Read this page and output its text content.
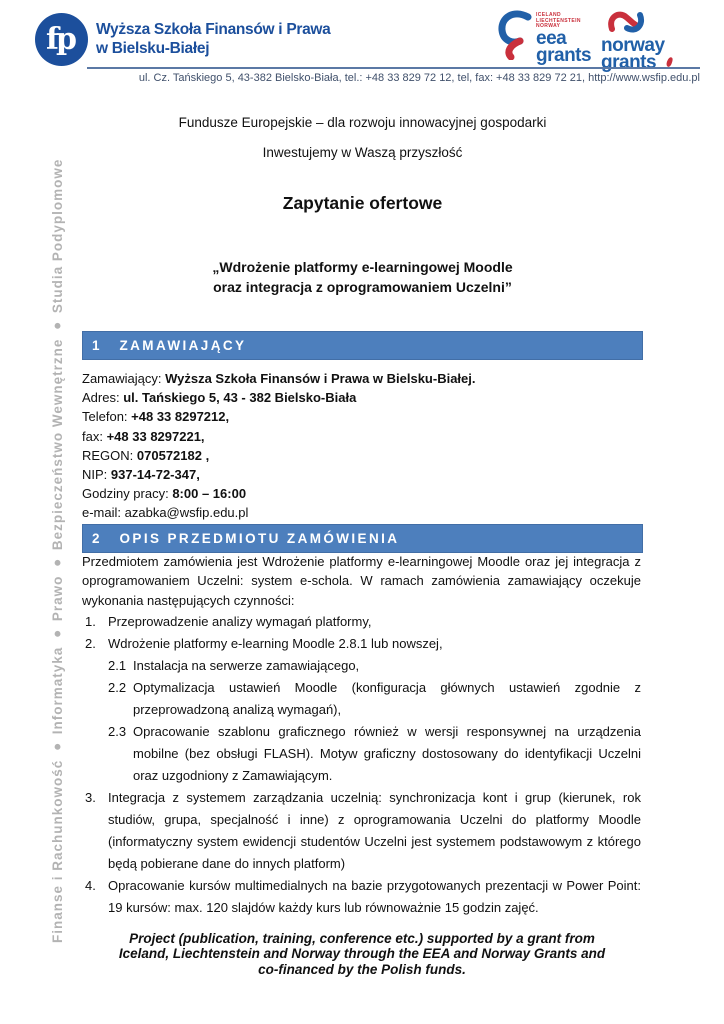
fp Wyższa Szkoła Finansów i Prawa
w Bielsku-Białej
ICELAND
LIECHTENSTEIN
NORWAY
eea
grants norway
grants
ul. Cz. Tańskiego 5, 43-382 Bielsko-Biała, tel.: +48 33 829 72 12, tel, fax: +48 33 829 72 21, http://www.wsfip.edu.pl
Finanse i Rachunkowość ● Informatyka ● Prawo ● Bezpieczeństwo Wewnętrzne ● Studia Podyplomowe
Fundusze Europejskie – dla rozwoju innowacyjnej gospodarki
Inwestujemy w Waszą przyszłość
Zapytanie ofertowe
„Wdrożenie platformy e-learningowej Moodle
oraz integracja z oprogramowaniem Uczelni”
1 ZAMAWIAJĄCY
Zamawiający: Wyższa Szkoła Finansów i Prawa w Bielsku-Białej.
Adres: ul. Tańskiego 5, 43 - 382 Bielsko-Biała
Telefon: +48 33 8297212,
fax: +48 33 8297221,
REGON: 070572182 ,
NIP: 937-14-72-347,
Godziny pracy: 8:00 – 16:00
e-mail: azabka@wsfip.edu.pl
2 OPIS PRZEDMIOTU ZAMÓWIENIA
Przedmiotem zamówienia jest Wdrożenie platformy e-learningowej Moodle oraz jej integracja z oprogramowaniem Uczelni: system e-schola. W ramach zamówienia zamawiający oczekuje wykonania następujących czynności:
1. Przeprowadzenie analizy wymagań platformy,
2. Wdrożenie platformy e-learning Moodle 2.8.1 lub nowszej,
2.1 Instalacja na serwerze zamawiającego,
2.2 Optymalizacja ustawień Moodle (konfiguracja głównych ustawień zgodnie z przeprowadzoną analizą wymagań),
2.3 Opracowanie szablonu graficznego również w wersji responsywnej na urządzenia mobilne (bez obsługi FLASH). Motyw graficzny dostosowany do identyfikacji Uczelni oraz uzgodniony z Zamawiającym.
3. Integracja z systemem zarządzania uczelnią: synchronizacja kont i grup (kierunek, rok studiów, grupa, specjalność i inne) z oprogramowania Uczelni do platformy Moodle (informatyczny system ewidencji studentów Uczelni jest systemem podstawowym z którego będą pobierane dane do innych platform)
4. Opracowanie kursów multimedialnych na bazie przygotowanych prezentacji w Power Point: 19 kursów: max. 120 slajdów każdy kurs lub równoważnie 15 godzin zajęć.
Project (publication, training, conference etc.) supported by a grant from
Iceland, Liechtenstein and Norway through the EEA and Norway Grants and
co-financed by the Polish funds.
